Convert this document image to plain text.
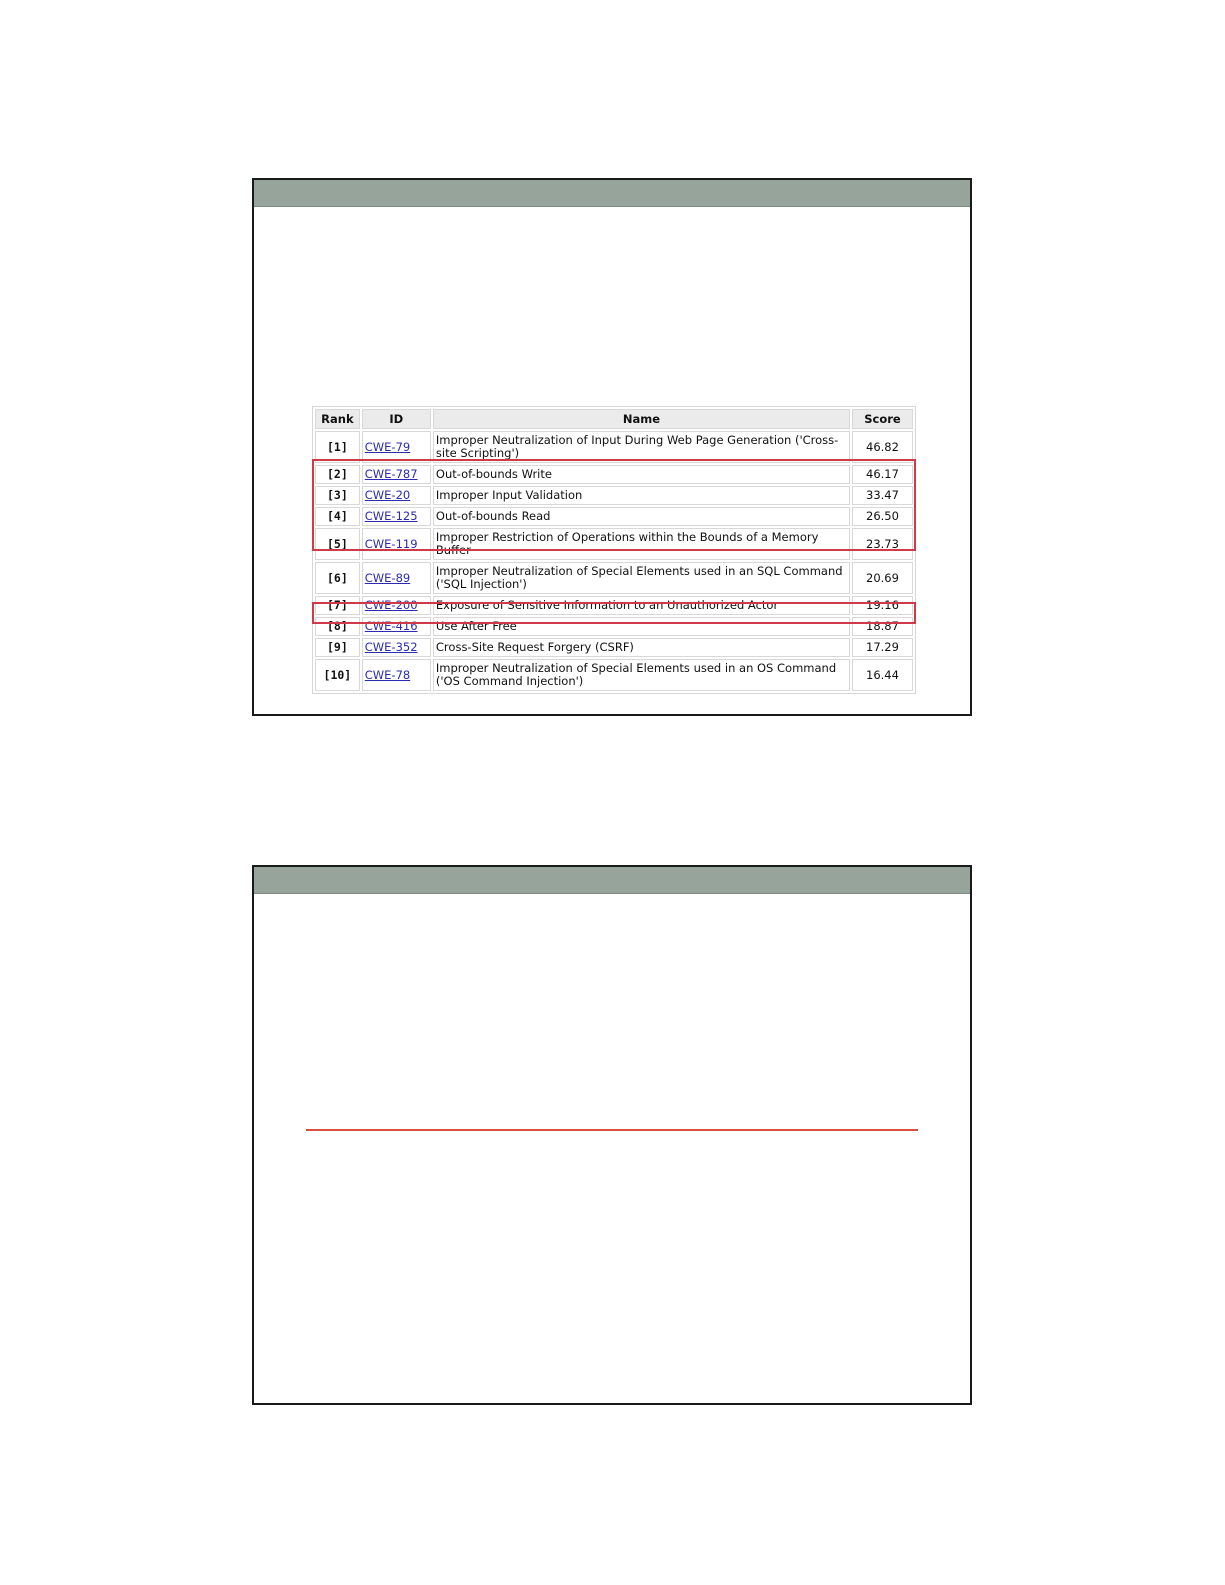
Rank	ID	Name	Score
[1]	CWE-79	Improper Neutralization of Input During Web Page Generation ('Cross-site Scripting')	46.82
[2]	CWE-787	Out-of-bounds Write	46.17
[3]	CWE-20	Improper Input Validation	33.47
[4]	CWE-125	Out-of-bounds Read	26.50
[5]	CWE-119	Improper Restriction of Operations within the Bounds of a Memory Buffer	23.73
[6]	CWE-89	Improper Neutralization of Special Elements used in an SQL Command ('SQL Injection')	20.69
[7]	CWE-200	Exposure of Sensitive Information to an Unauthorized Actor	19.16
[8]	CWE-416	Use After Free	18.87
[9]	CWE-352	Cross-Site Request Forgery (CSRF)	17.29
[10]	CWE-78	Improper Neutralization of Special Elements used in an OS Command ('OS Command Injection')	16.44
